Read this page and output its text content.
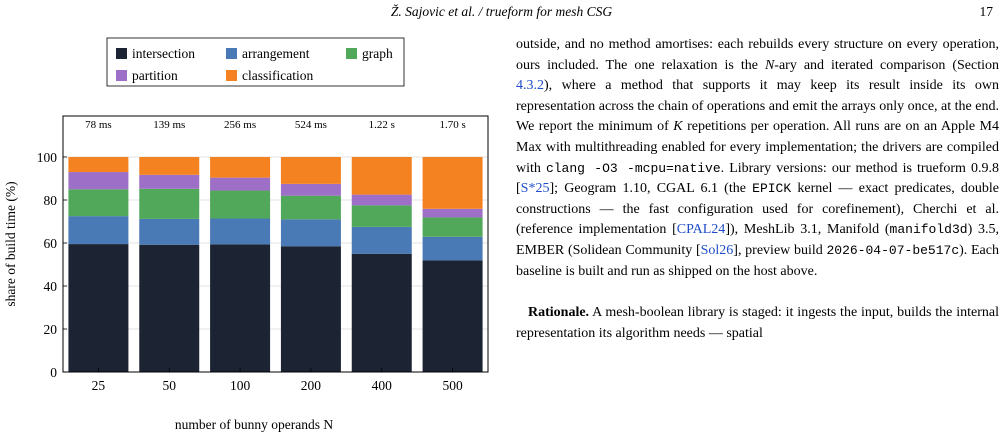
Ž. Sajovic et al. / trueform for mesh CSG	17
intersection	arrangement	graph
partition	classification
78 ms	139 ms	256 ms	524 ms	1.22 s	1.70 s
0
20
40
60
80
100
25	50	100	200	400	500
number of bunny operands N
share of build time (%)

outside, and no method amortises: each rebuilds every structure on every operation, ours included. The one relaxation is the N-ary and iterated comparison (Section 4.3.2), where a method that supports it may keep its result inside its own representation across the chain of operations and emit the arrays only once, at the end. We report the minimum of K repetitions per operation. All runs are on an Apple M4 Max with multithreading enabled for every implementation; the drivers are compiled with clang -O3 -mcpu=native. Library versions: our method is trueform 0.9.8 [S*25]; Geogram 1.10, CGAL 6.1 (the EPICK kernel — exact predicates, double constructions — the fast configuration used for corefinement), Cherchi et al. (reference implementation [CPAL24]), MeshLib 3.1, Manifold (manifold3d) 3.5, EMBER (Solidean Community [Sol26], preview build 2026-04-07-be517c). Each baseline is built and run as shipped on the host above.

Rationale. A mesh-boolean library is staged: it ingests the input, builds the internal representation its algorithm needs — spatial
